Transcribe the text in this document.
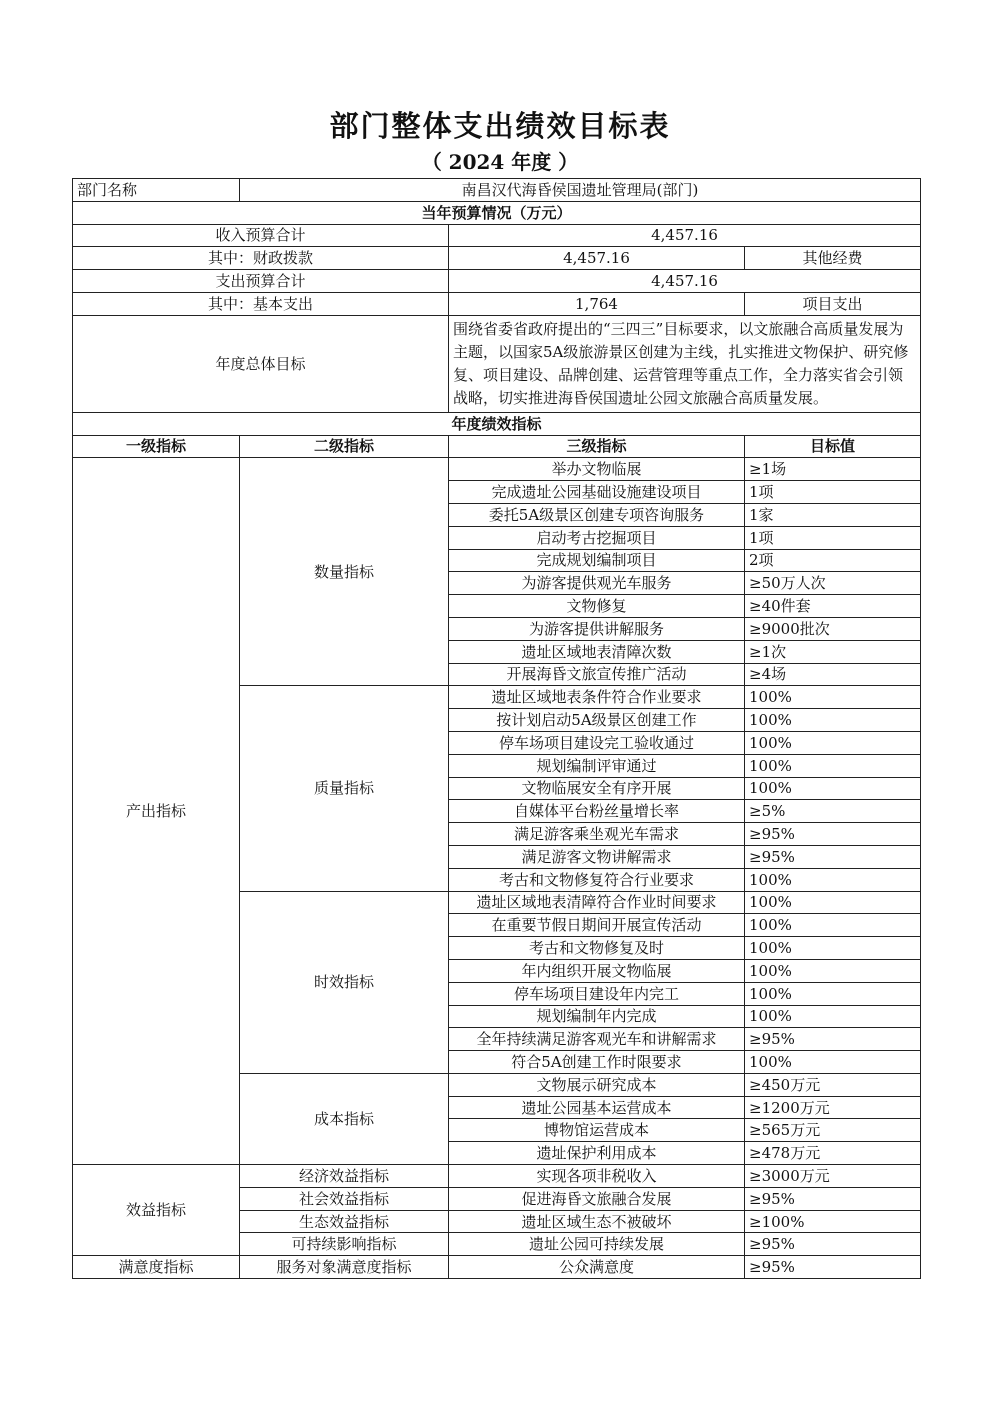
部门整体支出绩效目标表
（ 2024 年度 ）
部门名称	南昌汉代海昏侯国遗址管理局(部门)			
当年预算情况（万元）				
收入预算合计		4,457.16		
其中：财政拨款		4,457.16	其他经费	
支出预算合计		4,457.16		
其中：基本支出		1,764	项目支出	
年度总体目标		围绕省委省政府提出的“三四三”目标要求，以文旅融合高质量发展为主题，以国家5A级旅游景区创建为主线，扎实推进文物保护、研究修复、项目建设、品牌创建、运营管理等重点工作，全力落实省会引领战略，切实推进海昏侯国遗址公园文旅融合高质量发展。		
年度绩效指标				
一级指标	二级指标	三级指标	目标值	
产出指标	数量指标	举办文物临展	≥1场	
		完成遗址公园基础设施建设项目	1项	
		委托5A级景区创建专项咨询服务	1家	
		启动考古挖掘项目	1项	
		完成规划编制项目	2项	
		为游客提供观光车服务	≥50万人次	
		文物修复	≥40件套	
		为游客提供讲解服务	≥9000批次	
		遗址区域地表清障次数	≥1次	
		开展海昏文旅宣传推广活动	≥4场	
	质量指标	遗址区域地表条件符合作业要求	100%	
		按计划启动5A级景区创建工作	100%	
		停车场项目建设完工验收通过	100%	
		规划编制评审通过	100%	
		文物临展安全有序开展	100%	
		自媒体平台粉丝量增长率	≥5%	
		满足游客乘坐观光车需求	≥95%	
		满足游客文物讲解需求	≥95%	
		考古和文物修复符合行业要求	100%	
	时效指标	遗址区域地表清障符合作业时间要求	100%	
		在重要节假日期间开展宣传活动	100%	
		考古和文物修复及时	100%	
		年内组织开展文物临展	100%	
		停车场项目建设年内完工	100%	
		规划编制年内完成	100%	
		全年持续满足游客观光车和讲解需求	≥95%	
		符合5A创建工作时限要求	100%	
	成本指标	文物展示研究成本	≥450万元	
		遗址公园基本运营成本	≥1200万元	
		博物馆运营成本	≥565万元	
		遗址保护利用成本	≥478万元	
效益指标	经济效益指标	实现各项非税收入	≥3000万元	
	社会效益指标	促进海昏文旅融合发展	≥95%	
	生态效益指标	遗址区域生态不被破坏	≥100%	
	可持续影响指标	遗址公园可持续发展	≥95%	
满意度指标	服务对象满意度指标	公众满意度	≥95%	
